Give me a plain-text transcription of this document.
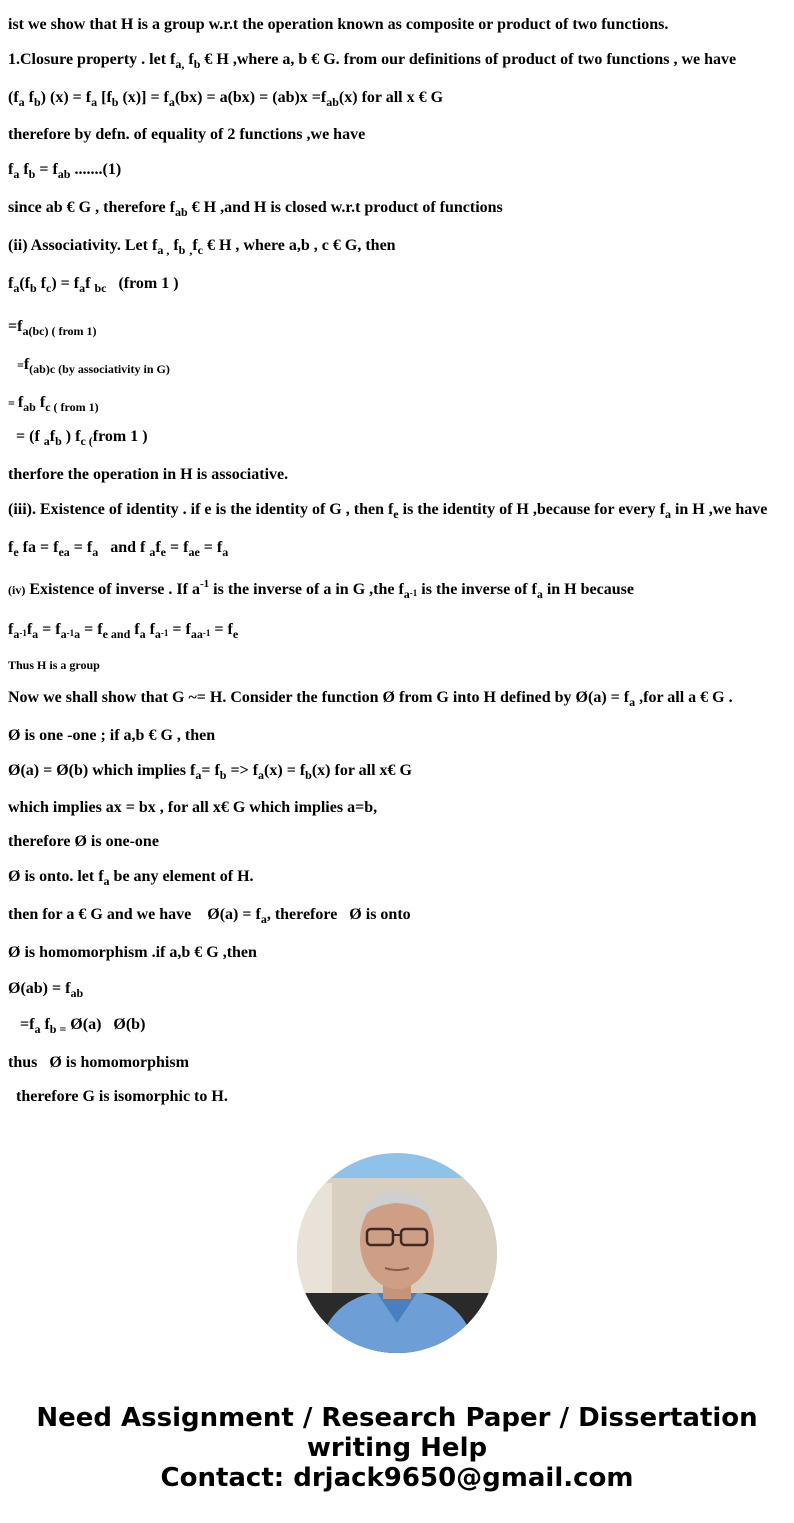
ist we show that H is a group w.r.t the operation known as composite or product of two functions.
1.Closure property . let $f_{a,}$ $f_b$ € H ,where a, b € G. from our definitions of product of two functions , we have
($f_a$ $f_b$) $(x) = f_a$ [$f_b$ $(x)] = f_a(bx) = a(bx) = (ab)x =f_{ab}(x)$ for all x € G
therefore by defn. of equality of 2 functions ,we have
$f_a$ $f_b = f_{ab}$ .......(1)
since ab € G , therefore $f_{ab}$ € H ,and H is closed w.r.t product of functions
(ii) Associativity. Let $f_{a ,}$ $f_b$ $_,f_c$ € H , where a,b , c € G, then
$f_a(f_b$ $f_c) = f_af$ $_{bc}$   (from 1 )
$=f_{a(bc) ( from 1)}$
$=f_{(ab)c (by associativity in G)}$
= $f_{ab}$ $f_{c ( from 1)}$
= (f $_af_b$ ) $f_{c (}from$ 1 )
therfore the operation in H is associative.
(iii). Existence of identity . if e is the identity of G , then $f_e$ is the identity of H ,because for every $f_a$ in H ,we have
$f_e$ fa = $f_{ea} = f_a$   and f $_af_e = f_{ae} = f_a$
(iv) Existence of inverse . If $a^{-1}$ is the inverse of a in G ,the $f_a-1$ is the inverse of $f_a$ in H because
$f_a-1f_a = f_a-1_a = f_{e and}$ $f_a$ $f_a-1 = f_{aa}-1 = f_e$
Thus H is a group
Now we shall show that G ~= H. Consider the function Ø from G into H defined by Ø(a) = $f_a$ ,for all a € G .
Ø is one -one ; if a,b € G , then
Ø(a) = Ø(b) which implies $f_a= f_b => f_a(x) = f_b(x)$ for all x€ G
which implies ax = bx , for all x€ G which implies a=b,
therefore Ø is one-one
Ø is onto. let $f_a$ be any element of H.
then for a € G and we have    Ø(a) = $f_a$, therefore   Ø is onto
Ø is homomorphism .if a,b € G ,then
Ø(ab) = $f_{ab}$
$=f_a$ $f_{b =}$ Ø(a)   Ø(b)
thus   Ø is homomorphism
therefore G is isomorphic to H.
Need Assignment / Research Paper / Dissertation
writing Help
Contact: drjack9650@gmail.com
